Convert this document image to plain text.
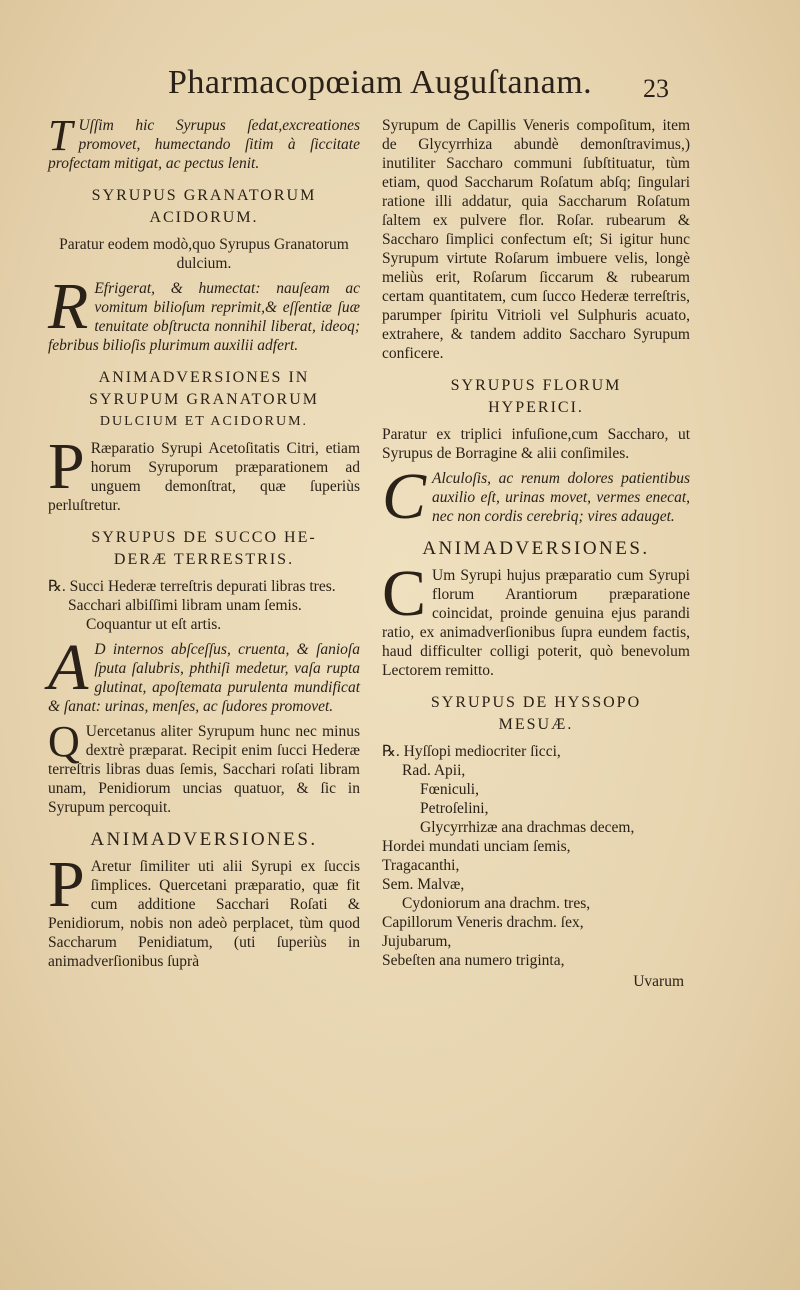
Pharmacopœiam Auguſtanam. 23

T Uſſim hic Syrupus ſedat,excreationes promovet, humectando ſitim à ſiccitate profectam mitigat, ac pectus lenit.

SYRUPUS GRANATORUM
ACIDORUM.

Paratur eodem modò,quo Syrupus Granatorum dulcium.

R Efrigerat, & humectat: nauſeam ac vomitum bilioſum reprimit,& eſſentiæ ſuæ tenuitate obſtructa nonnihil liberat, ideoq; febribus bilioſis plurimum auxilii adfert.

ANIMADVERSIONES IN
SYRUPUM GRANATORUM
DULCIUM ET ACIDORUM.

P Ræparatio Syrupi Acetoſitatis Citri, etiam horum Syruporum præparationem ad unguem demonſtrat, quæ ſuperiùs perluſtretur.

SYRUPUS DE SUCCO HE-
DERÆ TERRESTRIS.
℞. Succi Hederæ terreſtris depurati libras tres.
Sacchari albiſſimi libram unam ſemis.
Coquantur ut eſt artis.

A D internos abſceſſus, cruenta, & ſanioſa ſputa ſalubris, phthiſi medetur, vaſa rupta glutinat, apoſtemata purulenta mundificat & ſanat: urinas, menſes, ac ſudores promovet.

Q Uercetanus aliter Syrupum hunc nec minus dextrè præparat. Recipit enim ſucci Hederæ terreſtris libras duas ſemis, Sacchari roſati libram unam, Penidiorum uncias quatuor, & ſic in Syrupum percoquit.

ANIMADVERSIONES.

P Aretur ſimiliter uti alii Syrupi ex ſuccis ſimplices. Quercetani præparatio, quæ fit cum additione Sacchari Roſati & Penidiorum, nobis non adeò perplacet, tùm quod Saccharum Penidiatum, (uti ſuperiùs in animadverſionibus ſuprà

Syrupum de Capillis Veneris compoſitum, item de Glycyrrhiza abundè demonſtravimus,) inutiliter Saccharo communi ſubſtituatur, tùm etiam, quod Saccharum Roſatum abſq; ſingulari ratione illi addatur, quia Saccharum Roſatum ſaltem ex pulvere flor. Roſar. rubearum & Saccharo ſimplici confectum eſt; Si igitur hunc Syrupum virtute Roſarum imbuere velis, longè meliùs erit, Roſarum ſiccarum & rubearum certam quantitatem, cum ſucco Hederæ terreſtris, parumper ſpiritu Vitrioli vel Sulphuris acuato, extrahere, & tandem addito Saccharo Syrupum conficere.

SYRUPUS FLORUM
HYPERICI.

Paratur ex triplici infuſione,cum Saccharo, ut Syrupus de Borragine & alii conſimiles.

C Alculoſis, ac renum dolores patientibus auxilio eſt, urinas movet, vermes enecat, nec non cordis cerebriq; vires adauget.

ANIMADVERSIONES.

C Um Syrupi hujus præparatio cum Syrupi florum Arantiorum præparatione coincidat, proinde genuina ejus parandi ratio, ex animadverſionibus ſupra eundem factis, haud difficulter colligi poterit, quò benevolum Lectorem remitto.

SYRUPUS DE HYSSOPO
MESUÆ.
℞. Hyſſopi mediocriter ſicci,
Rad. Apii,
Fœniculi,
Petroſelini,
Glycyrrhizæ ana drachmas decem,
Hordei mundati unciam ſemis,
Tragacanthi,
Sem. Malvæ,
Cydoniorum ana drachm. tres,
Capillorum Veneris drachm. ſex,
Jujubarum,
Sebeſten ana numero triginta,
Uvarum
